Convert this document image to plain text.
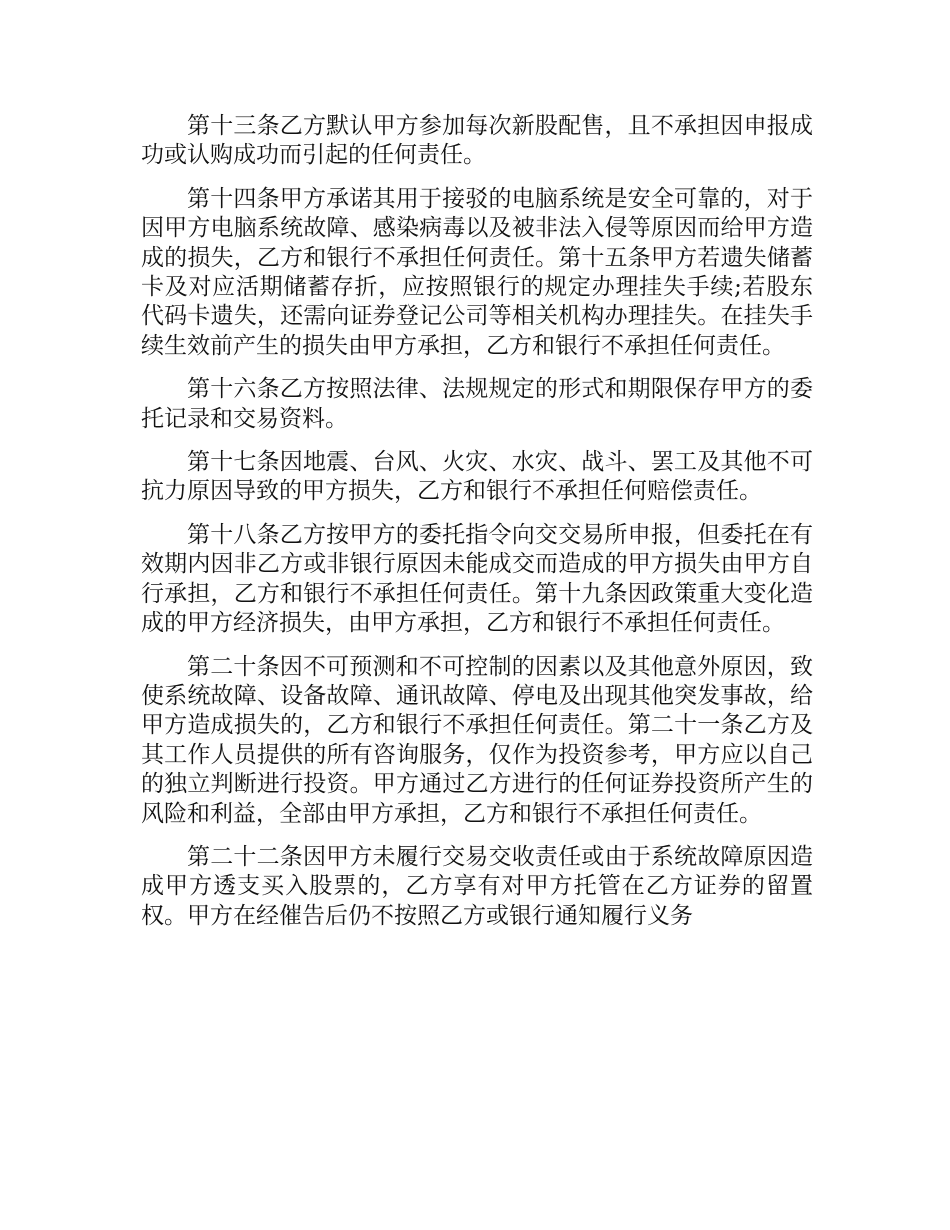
第十三条乙方默认甲方参加每次新股配售，且不承担因申报成功或认购成功而引起的任何责任。

第十四条甲方承诺其用于接驳的电脑系统是安全可靠的，对于因甲方电脑系统故障、感染病毒以及被非法入侵等原因而给甲方造成的损失，乙方和银行不承担任何责任。第十五条甲方若遗失储蓄卡及对应活期储蓄存折，应按照银行的规定办理挂失手续;若股东代码卡遗失，还需向证券登记公司等相关机构办理挂失。在挂失手续生效前产生的损失由甲方承担，乙方和银行不承担任何责任。

第十六条乙方按照法律、法规规定的形式和期限保存甲方的委托记录和交易资料。

第十七条因地震、台风、火灾、水灾、战斗、罢工及其他不可抗力原因导致的甲方损失，乙方和银行不承担任何赔偿责任。

第十八条乙方按甲方的委托指令向交交易所申报，但委托在有效期内因非乙方或非银行原因未能成交而造成的甲方损失由甲方自行承担，乙方和银行不承担任何责任。第十九条因政策重大变化造成的甲方经济损失，由甲方承担，乙方和银行不承担任何责任。

第二十条因不可预测和不可控制的因素以及其他意外原因，致使系统故障、设备故障、通讯故障、停电及出现其他突发事故，给甲方造成损失的，乙方和银行不承担任何责任。第二十一条乙方及其工作人员提供的所有咨询服务，仅作为投资参考，甲方应以自己的独立判断进行投资。甲方通过乙方进行的任何证券投资所产生的风险和利益，全部由甲方承担，乙方和银行不承担任何责任。

第二十二条因甲方未履行交易交收责任或由于系统故障原因造成甲方透支买入股票的，乙方享有对甲方托管在乙方证券的留置权。甲方在经催告后仍不按照乙方或银行通知履行义务
